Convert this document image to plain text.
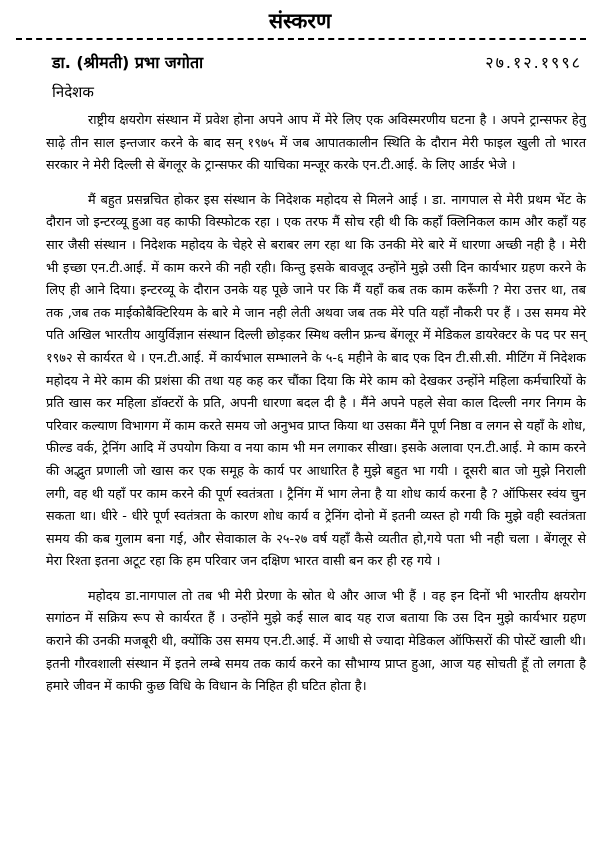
संस्करण
डा. (श्रीमती) प्रभा जगोता	२७.१२.१९९८
निदेशक

राष्ट्रीय क्षयरोग संस्थान में प्रवेश होना अपने आप में मेरे लिए एक अविस्मरणीय घटना है । अपने ट्रान्सफर हेतु साढ़े तीन साल इन्तजार करने के बाद सन् १९७५ में जब आपातकालीन स्थिति के दौरान मेरी फाइल खुली तो भारत सरकार ने मेरी दिल्ली से बेंगलूर के ट्रान्सफर की याचिका मन्जूर करके एन.टी.आई. के लिए आर्डर भेजे ।

मैं बहुत प्रसन्नचित होकर इस संस्थान के निदेशक महोदय से मिलने आई । डा. नागपाल से मेरी प्रथम भेंट के दौरान जो इन्टरव्यू हुआ वह काफी विस्फोटक रहा । एक तरफ मैं सोच रही थी कि कहाँ क्लिनिकल काम और कहाँ यह सार जैसी संस्थान । निदेशक महोदय के चेहरे से बराबर लग रहा था कि उनकी मेरे बारे में धारणा अच्छी नही है । मेरी भी इच्छा एन.टी.आई. में काम करने की नही रही। किन्तु इसके बावजूद उन्होंने मुझे उसी दिन कार्यभार ग्रहण करने के लिए ही आने दिया। इन्टरव्यू के दौरान उनके यह पूछे जाने पर कि मैं यहाँ कब तक काम करूँगी ? मेरा उत्तर था, तब तक ,जब तक माईकोबैक्टिरियम के बारे मे जान नही लेती अथवा जब तक मेरे पति यहाँ नौकरी पर हैं । उस समय मेरे पति अखिल भारतीय आयुर्विज्ञान संस्थान दिल्ली छोड़कर स्मिथ क्लीन फ्रन्च बेंगलूर में मेडिकल डायरेक्टर के पद पर सन् १९७२ से कार्यरत थे । एन.टी.आई. में कार्यभाल सम्भालने के ५-६ महीने के बाद एक दिन टी.सी.सी. मीटिंग में निदेशक महोदय ने मेरे काम की प्रशंसा की तथा यह कह कर चौंका दिया कि मेरे काम को देखकर उन्होंने महिला कर्मचारियों के प्रति खास कर महिला डॉक्टरों के प्रति, अपनी धारणा बदल दी है । मैंने अपने पहले सेवा काल दिल्ली नगर निगम के परिवार कल्याण विभागग में काम करते समय जो अनुभव प्राप्त किया था उसका मैंने पूर्ण निष्ठा व लगन से यहाँ के शोध, फील्ड वर्क, ट्रेनिंग आदि में उपयोग किया व नया काम भी मन लगाकर सीखा। इसके अलावा एन.टी.आई. मे काम करने की अद्भुत प्रणाली जो खास कर एक समूह के कार्य पर आधारित है मुझे बहुत भा गयी । दूसरी बात जो मुझे निराली लगी, वह थी यहाँ पर काम करने की पूर्ण स्वतंत्रता । ट्रैनिंग में भाग लेना है या शोध कार्य करना है ? ऑफिसर स्वंय चुन सकता था। धीरे - धीरे पूर्ण स्वतंत्रता के कारण शोध कार्य व ट्रेनिंग दोनो में इतनी व्यस्त हो गयी कि मुझे वही स्वतंत्रता समय की कब गुलाम बना गई, और सेवाकाल के २५-२७ वर्ष यहाँ कैसे व्यतीत हो,गये पता भी नही चला । बेंगलूर से मेरा रिश्ता इतना अटूट रहा कि हम परिवार जन दक्षिण भारत वासी बन कर ही रह गये ।

महोदय डा.नागपाल तो तब भी मेरी प्रेरणा के स्रोत थे और आज भी हैं । वह इन दिनों भी भारतीय क्षयरोग सगांठन में सक्रिय रूप से कार्यरत हैं । उन्होंने मुझे कई साल बाद यह राज बताया कि उस दिन मुझे कार्यभार ग्रहण कराने की उनकी मजबूरी थी, क्योंकि उस समय एन.टी.आई. में आधी से ज्यादा मेडिकल ऑफिसरों की पोस्टें खाली थी। इतनी गौरवशाली संस्थान में इतने लम्बे समय तक कार्य करने का सौभाग्य प्राप्त हुआ, आज यह सोचती हूँ तो लगता है हमारे जीवन में काफी कुछ विधि के विधान के निहित ही घटित होता है।
